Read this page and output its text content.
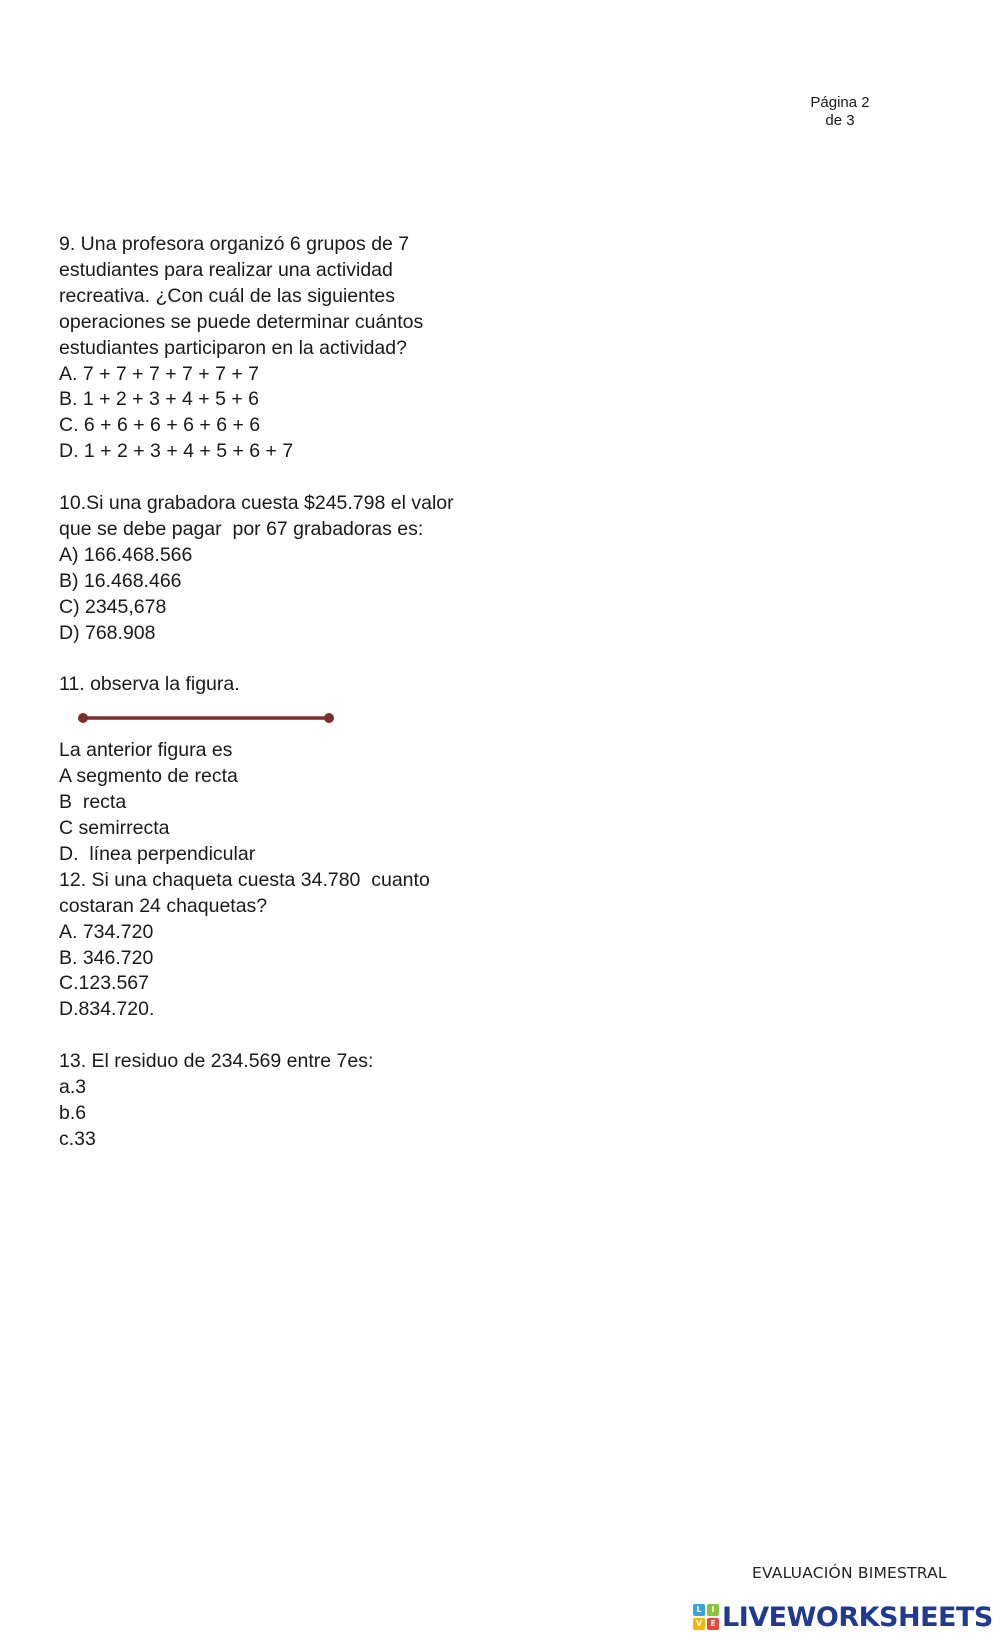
Página 2
de 3
9. Una profesora organizó 6 grupos de 7
estudiantes para realizar una actividad
recreativa. ¿Con cuál de las siguientes
operaciones se puede determinar cuántos
estudiantes participaron en la actividad?
A. 7 + 7 + 7 + 7 + 7 + 7
B. 1 + 2 + 3 + 4 + 5 + 6
C. 6 + 6 + 6 + 6 + 6 + 6
D. 1 + 2 + 3 + 4 + 5 + 6 + 7
10.Si una grabadora cuesta $245.798 el valor
que se debe pagar  por 67 grabadoras es:
A) 166.468.566
B) 16.468.466
C) 2345,678
D) 768.908
11. observa la figura.
La anterior figura es
A segmento de recta
B  recta
C semirrecta
D.  línea perpendicular
12. Si una chaqueta cuesta 34.780  cuanto
costaran 24 chaquetas?
A. 734.720
B. 346.720
C.123.567
D.834.720.
13. El residuo de 234.569 entre 7es:
a.3
b.6
c.33
EVALUACIÓN BIMESTRAL
L	I
V	E LIVEWORKSHEETS
